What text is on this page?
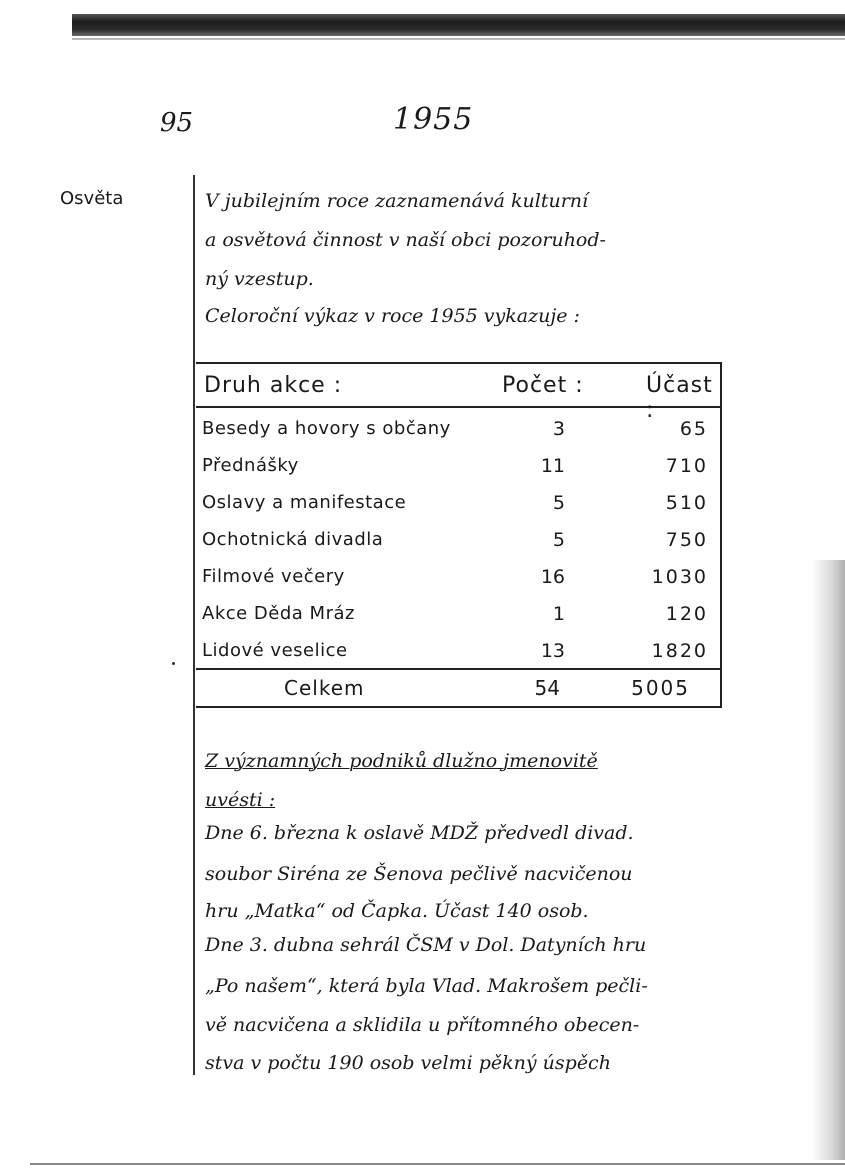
95	1955
Osvěta	V jubilejním roce zaznamenává kulturní
a osvětová činnost v naší obci pozoruhod-
ný vzestup.
Celoroční výkaz v roce 1955 vykazuje :
Druh akce :	Počet :	Účast :
Besedy a hovory s občany	3	65
Přednášky	11	710
Oslavy a manifestace	5	510
Ochotnická divadla	5	750
Filmové večery	16	1030
Akce Děda Mráz	1	120
Lidové veselice	13	1820
Celkem	54	5005
Z významných podniků dlužno jmenovitě
uvésti :
Dne 6. března k oslavě MDŽ předvedl divad.
soubor Siréna ze Šenova pečlivě nacvičenou
hru „Matka“ od Čapka. Účast 140 osob.
Dne 3. dubna sehrál ČSM v Dol. Datyních hru
„Po našem“, která byla Vlad. Makrošem pečli-
vě nacvičena a sklidila u přítomného obecen-
stva v počtu 190 osob velmi pěkný úspěch
